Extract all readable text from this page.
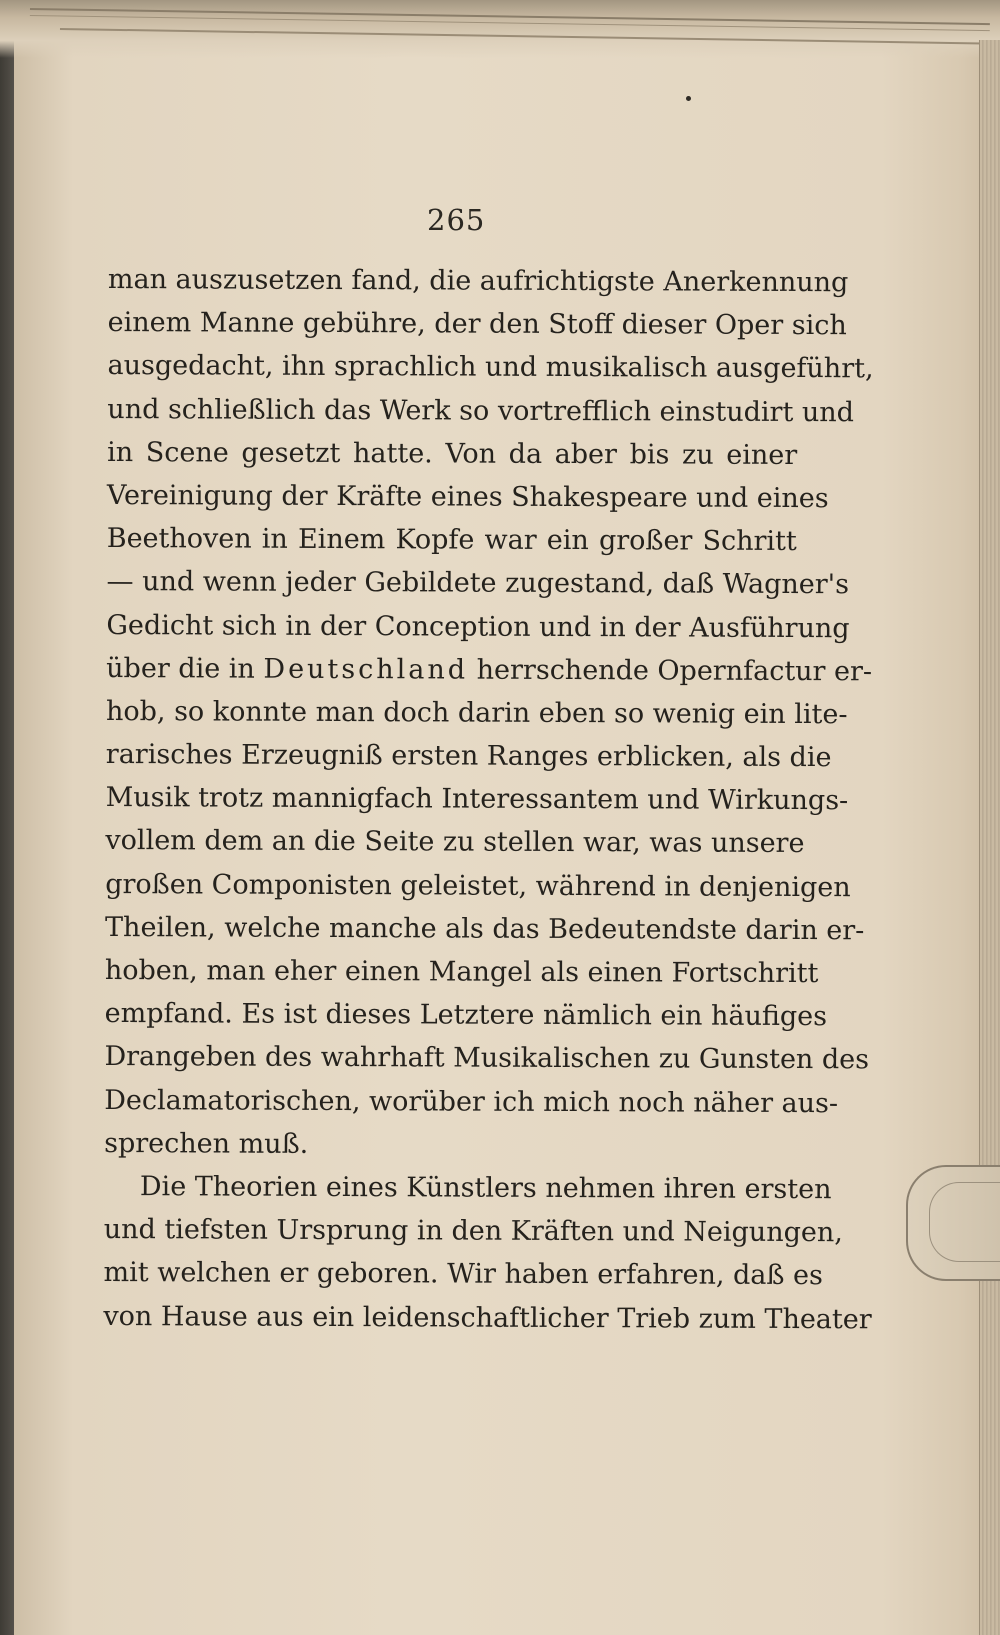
265
man auszusetzen fand, die aufrichtigste Anerkennung
einem Manne gebühre, der den Stoff dieser Oper sich
ausgedacht, ihn sprachlich und musikalisch ausgeführt,
und schließlich das Werk so vortrefflich einstudirt und
in Scene gesetzt hatte. Von da aber bis zu einer
Vereinigung der Kräfte eines Shakespeare und eines
Beethoven in Einem Kopfe war ein großer Schritt
— und wenn jeder Gebildete zugestand, daß Wagner's
Gedicht sich in der Conception und in der Ausführung
über die in Deutschland herrschende Opernfactur er-
hob, so konnte man doch darin eben so wenig ein lite-
rarisches Erzeugniß ersten Ranges erblicken, als die
Musik trotz mannigfach Interessantem und Wirkungs-
vollem dem an die Seite zu stellen war, was unsere
großen Componisten geleistet, während in denjenigen
Theilen, welche manche als das Bedeutendste darin er-
hoben, man eher einen Mangel als einen Fortschritt
empfand. Es ist dieses Letztere nämlich ein häufiges
Drangeben des wahrhaft Musikalischen zu Gunsten des
Declamatorischen, worüber ich mich noch näher aus-
sprechen muß.
Die Theorien eines Künstlers nehmen ihren ersten
und tiefsten Ursprung in den Kräften und Neigungen,
mit welchen er geboren. Wir haben erfahren, daß es
von Hause aus ein leidenschaftlicher Trieb zum Theater
